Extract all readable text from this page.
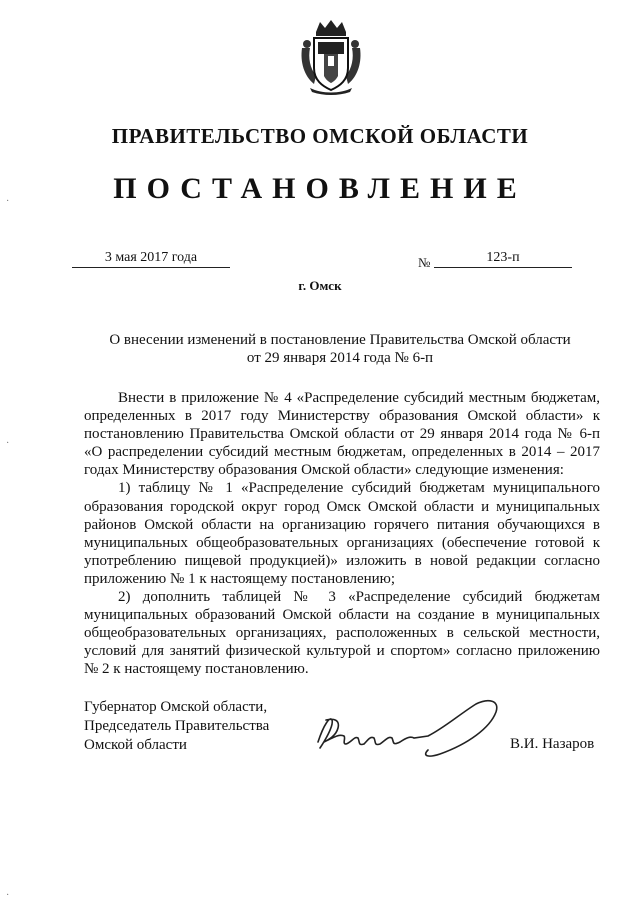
ПРАВИТЕЛЬСТВО ОМСКОЙ ОБЛАСТИ
ПОСТАНОВЛЕНИЕ
3 мая 2017 года	№	123-п
г. Омск
О внесении изменений в постановление Правительства Омской области
от 29 января 2014 года № 6-п

Внести в приложение № 4 «Распределение субсидий местным бюджетам, определенных в 2017 году Министерству образования Омской области» к постановлению Правительства Омской области от 29 января 2014 года № 6-п «О распределении субсидий местным бюджетам, определенных в 2014 – 2017 годах Министерству образования Омской области» следующие изменения:

1) таблицу № 1 «Распределение субсидий бюджетам муниципального образования городской округ город Омск Омской области и муниципальных районов Омской области на организацию горячего питания обучающихся в муниципальных общеобразовательных организациях (обеспечение готовой к употреблению пищевой продукцией)» изложить в новой редакции согласно приложению № 1 к настоящему постановлению;

2) дополнить таблицей № 3 «Распределение субсидий бюджетам муниципальных образований Омской области на создание в муниципальных общеобразовательных организациях, расположенных в сельской местности, условий для занятий физической культурой и спортом» согласно приложению № 2 к настоящему постановлению.

Губернатор Омской области,
Председатель Правительства
Омской области	В.И. Назаров
·
·
·
